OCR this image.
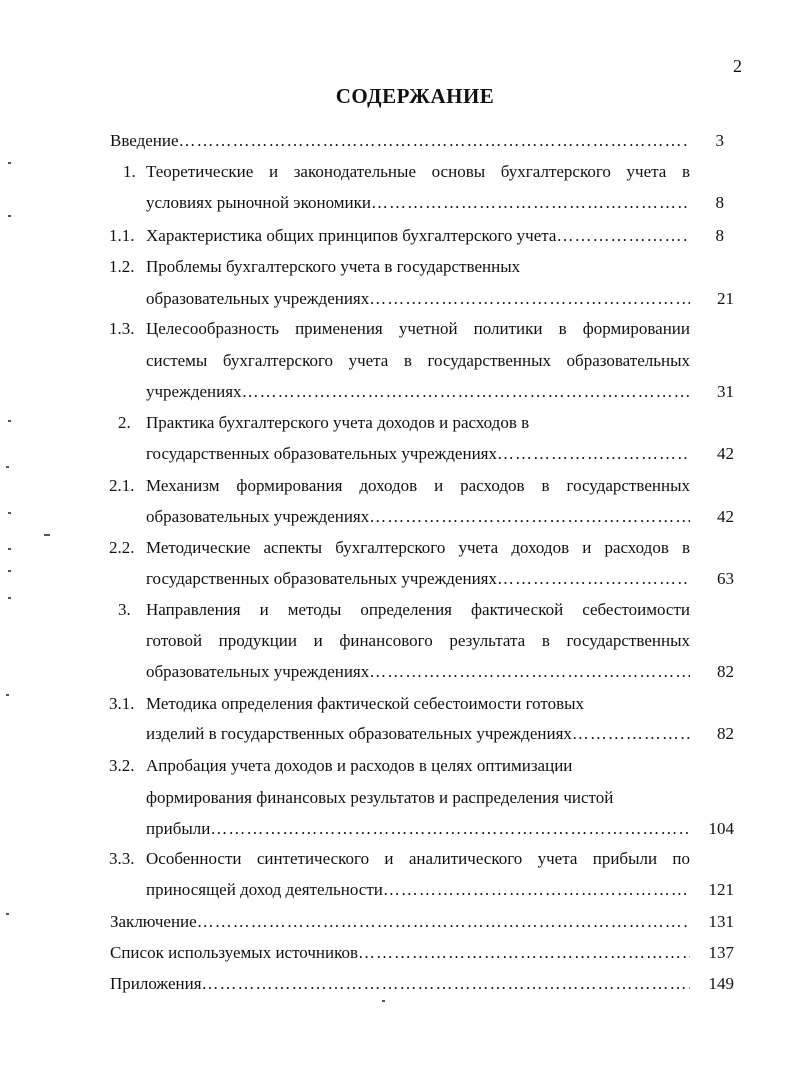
2
СОДЕРЖАНИЕ
Введение …………………………………………………………………………………………………………………………………………………………………………………………………	3
1. Теоретические и законодательные основы бухгалтерского учета в
условиях рыночной экономики …………………………………………………………………………………………………………………………………………………………………………………………………	8
1.1. Характеристика общих принципов бухгалтерского учета …………………………………………………………………………………………………………………………………………………………………………………………………	8
1.2. Проблемы бухгалтерского учета в государственных
образовательных учреждениях …………………………………………………………………………………………………………………………………………………………………………………………………	21
1.3. Целесообразность применения учетной политики в формировании
системы бухгалтерского учета в государственных образовательных
учреждениях …………………………………………………………………………………………………………………………………………………………………………………………………	31
2. Практика бухгалтерского учета доходов и расходов в
государственных образовательных учреждениях …………………………………………………………………………………………………………………………………………………………………………………………………	42
2.1. Механизм формирования доходов и расходов в государственных
образовательных учреждениях …………………………………………………………………………………………………………………………………………………………………………………………………	42
2.2. Методические аспекты бухгалтерского учета доходов и расходов в
государственных образовательных учреждениях …………………………………………………………………………………………………………………………………………………………………………………………………	63
3. Направления и методы определения фактической себестоимости
готовой продукции и финансового результата в государственных
образовательных учреждениях …………………………………………………………………………………………………………………………………………………………………………………………………	82
3.1. Методика определения фактической себестоимости готовых
изделий в государственных образовательных учреждениях …………………………………………………………………………………………………………………………………………………………………………………………………	82
3.2. Апробация учета доходов и расходов в целях оптимизации
формирования финансовых результатов и распределения чистой
прибыли …………………………………………………………………………………………………………………………………………………………………………………………………	104
3.3. Особенности синтетического и аналитического учета прибыли по
приносящей доход деятельности …………………………………………………………………………………………………………………………………………………………………………………………………	121
Заключение …………………………………………………………………………………………………………………………………………………………………………………………………	131
Список используемых источников …………………………………………………………………………………………………………………………………………………………………………………………………	137
Приложения …………………………………………………………………………………………………………………………………………………………………………………………………	149
